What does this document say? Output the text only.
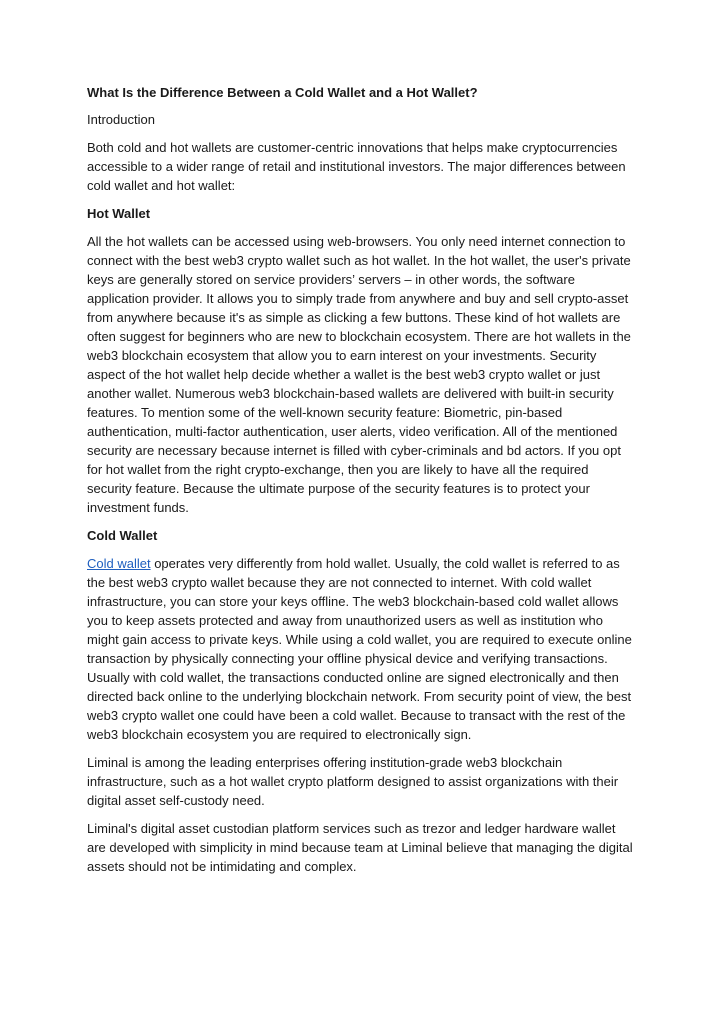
What Is the Difference Between a Cold Wallet and a Hot Wallet?

Introduction

Both cold and hot wallets are customer-centric innovations that helps make cryptocurrencies accessible to a wider range of retail and institutional investors. The major differences between cold wallet and hot wallet:

Hot Wallet

All the hot wallets can be accessed using web-browsers. You only need internet connection to connect with the best web3 crypto wallet such as hot wallet. In the hot wallet, the user's private keys are generally stored on service providers’ servers – in other words, the software application provider. It allows you to simply trade from anywhere and buy and sell crypto-asset from anywhere because it's as simple as clicking a few buttons. These kind of hot wallets are often suggest for beginners who are new to blockchain ecosystem. There are hot wallets in the web3 blockchain ecosystem that allow you to earn interest on your investments. Security aspect of the hot wallet help decide whether a wallet is the best web3 crypto wallet or just another wallet. Numerous web3 blockchain-based wallets are delivered with built-in security features. To mention some of the well-known security feature: Biometric, pin-based authentication, multi-factor authentication, user alerts, video verification. All of the mentioned security are necessary because internet is filled with cyber-criminals and bd actors. If you opt for hot wallet from the right crypto-exchange, then you are likely to have all the required security feature. Because the ultimate purpose of the security features is to protect your investment funds.

Cold Wallet

Cold wallet operates very differently from hold wallet. Usually, the cold wallet is referred to as the best web3 crypto wallet because they are not connected to internet. With cold wallet infrastructure, you can store your keys offline. The web3 blockchain-based cold wallet allows you to keep assets protected and away from unauthorized users as well as institution who might gain access to private keys. While using a cold wallet, you are required to execute online transaction by physically connecting your offline physical device and verifying transactions. Usually with cold wallet, the transactions conducted online are signed electronically and then directed back online to the underlying blockchain network. From security point of view, the best web3 crypto wallet one could have been a cold wallet. Because to transact with the rest of the web3 blockchain ecosystem you are required to electronically sign.

Liminal is among the leading enterprises offering institution-grade web3 blockchain infrastructure, such as a hot wallet crypto platform designed to assist organizations with their digital asset self-custody need.

Liminal's digital asset custodian platform services such as trezor and ledger hardware wallet are developed with simplicity in mind because team at Liminal believe that managing the digital assets should not be intimidating and complex.
